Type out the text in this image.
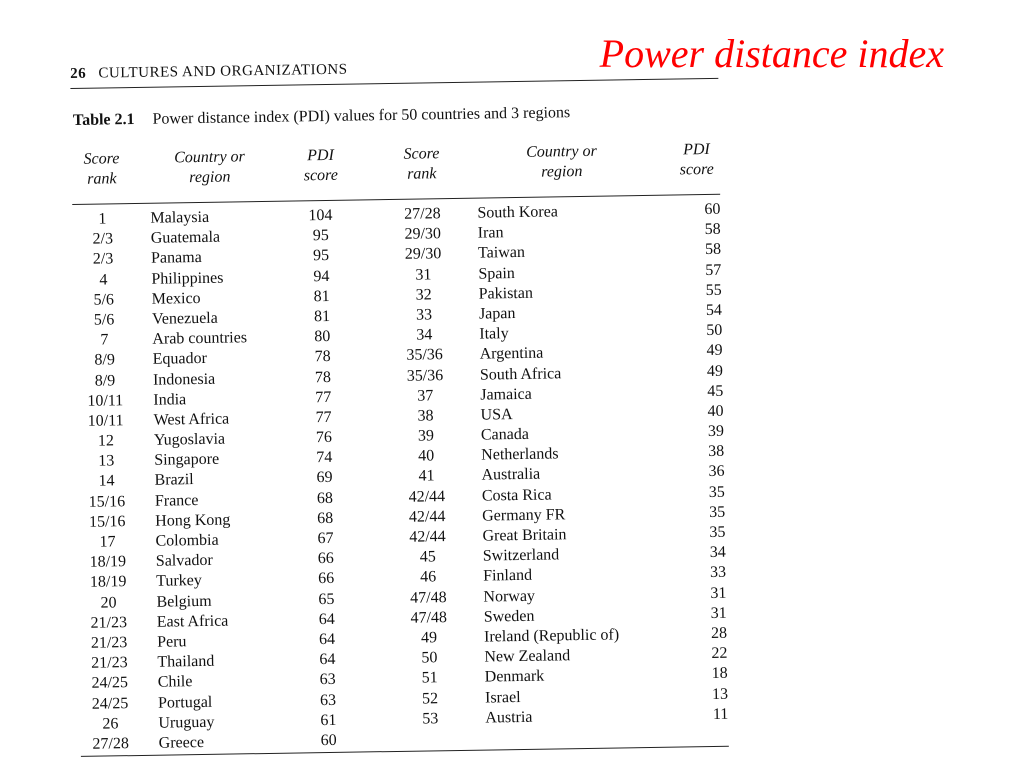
Power distance index
26 CULTURES AND ORGANIZATIONS
Table 2.1 Power distance index (PDI) values for 50 countries and 3 regions
Score
rank
Country or
region
PDI
score
Score
rank
Country or
region
PDI
score
1	Malaysia	104	27/28	South Korea	60
2/3	Guatemala	95	29/30	Iran	58
2/3	Panama	95	29/30	Taiwan	58
4	Philippines	94	31	Spain	57
5/6	Mexico	81	32	Pakistan	55
5/6	Venezuela	81	33	Japan	54
7	Arab countries	80	34	Italy	50
8/9	Equador	78	35/36	Argentina	49
8/9	Indonesia	78	35/36	South Africa	49
10/11	India	77	37	Jamaica	45
10/11	West Africa	77	38	USA	40
12	Yugoslavia	76	39	Canada	39
13	Singapore	74	40	Netherlands	38
14	Brazil	69	41	Australia	36
15/16	France	68	42/44	Costa Rica	35
15/16	Hong Kong	68	42/44	Germany FR	35
17	Colombia	67	42/44	Great Britain	35
18/19	Salvador	66	45	Switzerland	34
18/19	Turkey	66	46	Finland	33
20	Belgium	65	47/48	Norway	31
21/23	East Africa	64	47/48	Sweden	31
21/23	Peru	64	49	Ireland (Republic of)	28
21/23	Thailand	64	50	New Zealand	22
24/25	Chile	63	51	Denmark	18
24/25	Portugal	63	52	Israel	13
26	Uruguay	61	53	Austria	11
27/28	Greece	60
